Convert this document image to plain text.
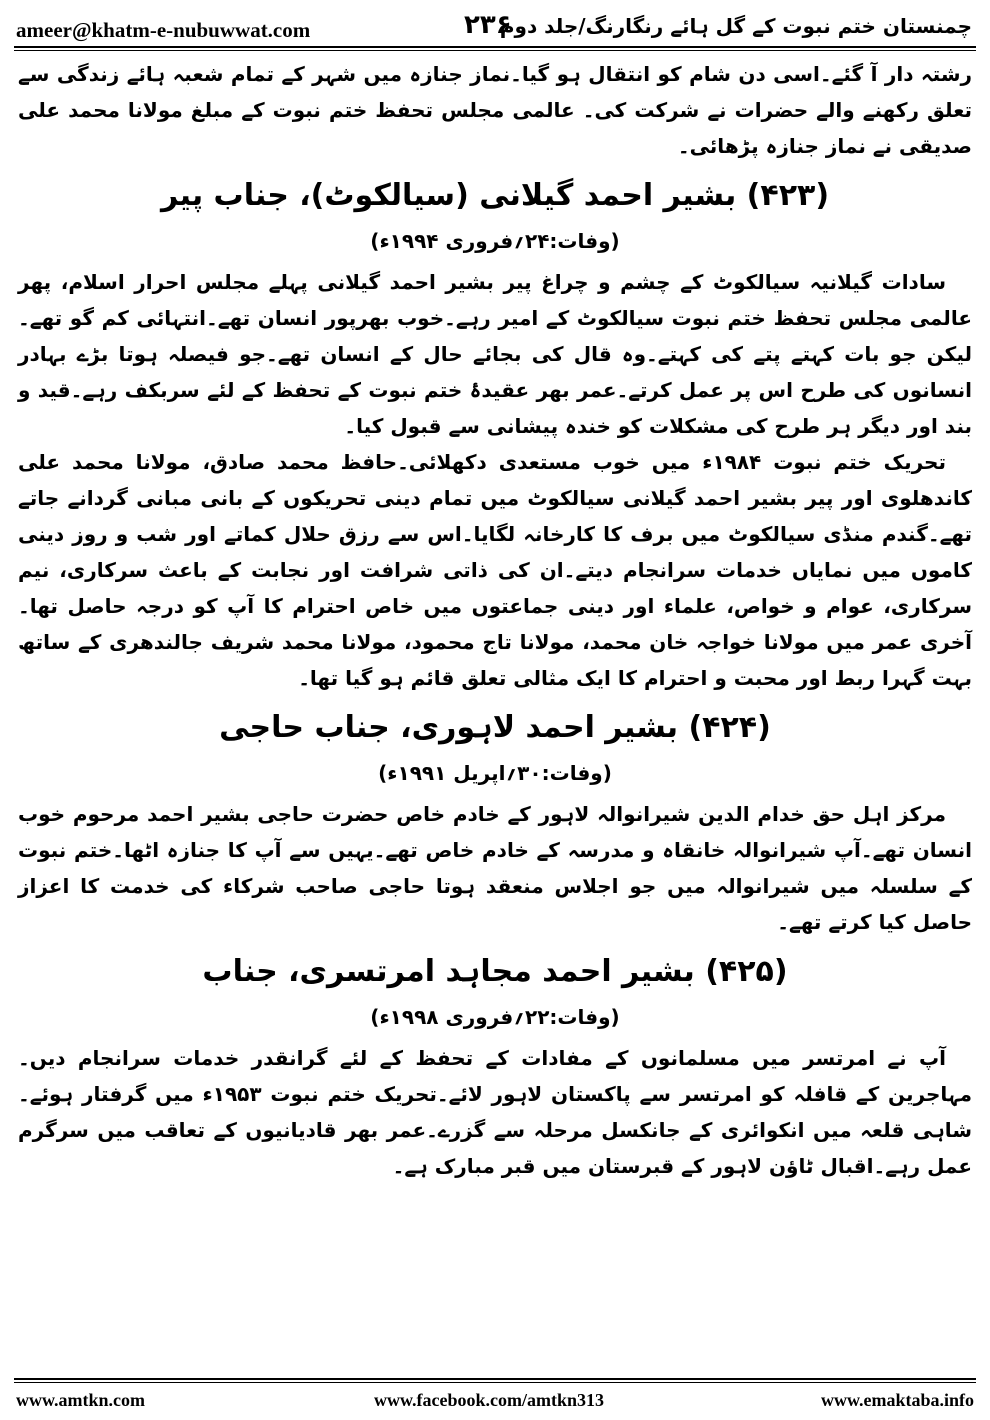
ameer@khatm-e-nubuwwat.com	۲۳۶
چمنستان ختم نبوت کے گل ہائے رنگارنگ/جلد دوم

رشتہ دار آ گئے۔اسی دن شام کو انتقال ہو گیا۔نماز جنازہ میں شہر کے تمام شعبہ ہائے زندگی سے تعلق رکھنے والے حضرات نے شرکت کی۔ عالمی مجلس تحفظ ختم نبوت کے مبلغ مولانا محمد علی صدیقی نے نماز جنازہ پڑھائی۔

(۴۲۳) بشیر احمد گیلانی (سیالکوٹ)، جناب پیر
(وفات:۲۴؍فروری ۱۹۹۴ء)

سادات گیلانیہ سیالکوٹ کے چشم و چراغ پیر بشیر احمد گیلانی پہلے مجلس احرار اسلام، پھر عالمی مجلس تحفظ ختم نبوت سیالکوٹ کے امیر رہے۔خوب بھرپور انسان تھے۔انتہائی کم گو تھے۔لیکن جو بات کہتے پتے کی کہتے۔وہ قال کی بجائے حال کے انسان تھے۔جو فیصلہ ہوتا بڑے بہادر انسانوں کی طرح اس پر عمل کرتے۔عمر بھر عقیدۂ ختم نبوت کے تحفظ کے لئے سربکف رہے۔قید و بند اور دیگر ہر طرح کی مشکلات کو خندہ پیشانی سے قبول کیا۔

تحریک ختم نبوت ۱۹۸۴ء میں خوب مستعدی دکھلائی۔حافظ محمد صادق، مولانا محمد علی کاندھلوی اور پیر بشیر احمد گیلانی سیالکوٹ میں تمام دینی تحریکوں کے بانی مبانی گردانے جاتے تھے۔گندم منڈی سیالکوٹ میں برف کا کارخانہ لگایا۔اس سے رزق حلال کماتے اور شب و روز دینی کاموں میں نمایاں خدمات سرانجام دیتے۔ان کی ذاتی شرافت اور نجابت کے باعث سرکاری، نیم سرکاری، عوام و خواص، علماء اور دینی جماعتوں میں خاص احترام کا آپ کو درجہ حاصل تھا۔آخری عمر میں مولانا خواجہ خان محمد، مولانا تاج محمود، مولانا محمد شریف جالندھری کے ساتھ بہت گہرا ربط اور محبت و احترام کا ایک مثالی تعلق قائم ہو گیا تھا۔

(۴۲۴) بشیر احمد لاہوری، جناب حاجی
(وفات:۳۰؍اپریل ۱۹۹۱ء)

مرکز اہل حق خدام الدین شیرانوالہ لاہور کے خادم خاص حضرت حاجی بشیر احمد مرحوم خوب انسان تھے۔آپ شیرانوالہ خانقاہ و مدرسہ کے خادم خاص تھے۔یہیں سے آپ کا جنازہ اٹھا۔ختم نبوت کے سلسلہ میں شیرانوالہ میں جو اجلاس منعقد ہوتا حاجی صاحب شرکاء کی خدمت کا اعزاز حاصل کیا کرتے تھے۔

(۴۲۵) بشیر احمد مجاہد امرتسری، جناب
(وفات:۲۲؍فروری ۱۹۹۸ء)

آپ نے امرتسر میں مسلمانوں کے مفادات کے تحفظ کے لئے گرانقدر خدمات سرانجام دیں۔مہاجرین کے قافلہ کو امرتسر سے پاکستان لاہور لائے۔تحریک ختم نبوت ۱۹۵۳ء میں گرفتار ہوئے۔شاہی قلعہ میں انکوائری کے جانکسل مرحلہ سے گزرے۔عمر بھر قادیانیوں کے تعاقب میں سرگرم عمل رہے۔اقبال ٹاؤن لاہور کے قبرستان میں قبر مبارک ہے۔

www.amtkn.com	www.facebook.com/amtkn313	www.emaktaba.info
